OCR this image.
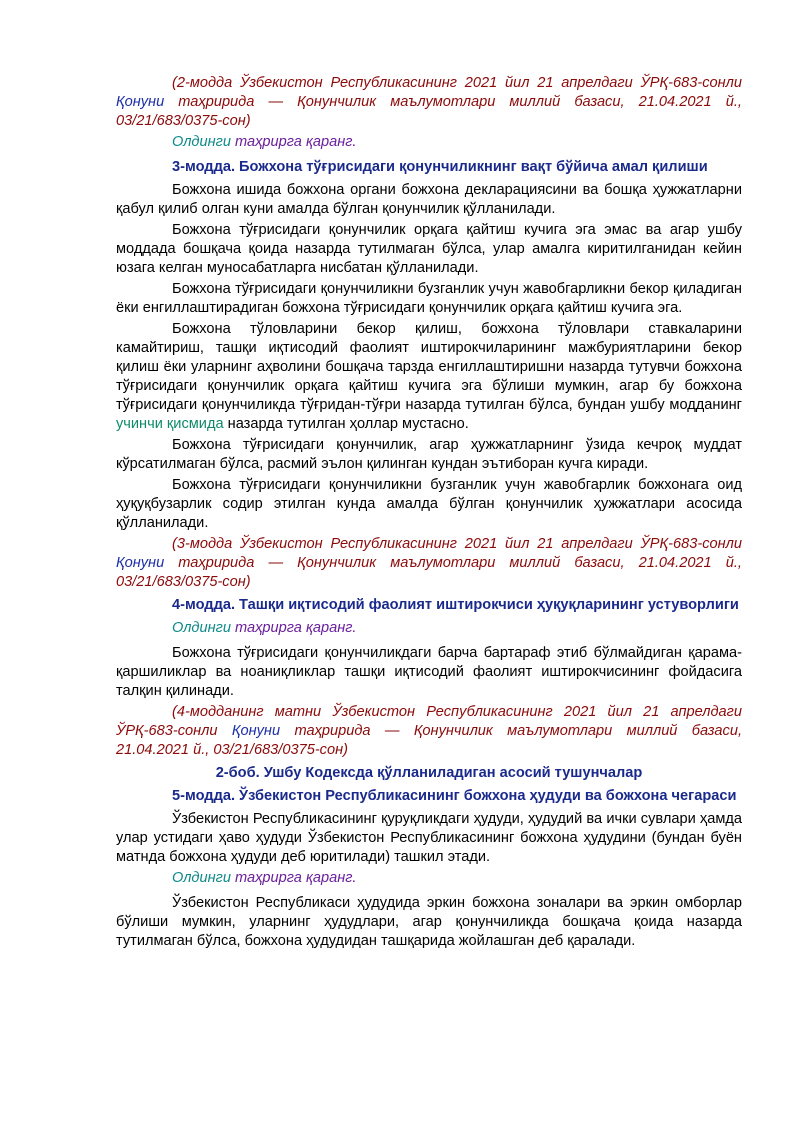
(2-модда Ўзбекистон Республикасининг 2021 йил 21 апрелдаги ЎРҚ-683-сонли Қонуни таҳририда — Қонунчилик маълумотлари миллий базаси, 21.04.2021 й., 03/21/683/0375-сон)

Олдинги таҳрирга қаранг.

3-модда. Божхона тўғрисидаги қонунчиликнинг вақт бўйича амал қилиши

Божхона ишида божхона органи божхона декларациясини ва бошқа ҳужжатларни қабул қилиб олган куни амалда бўлган қонунчилик қўлланилади.

Божхона тўғрисидаги қонунчилик орқага қайтиш кучига эга эмас ва агар ушбу моддада бошқача қоида назарда тутилмаган бўлса, улар амалга киритилганидан кейин юзага келган муносабатларга нисбатан қўлланилади.

Божхона тўғрисидаги қонунчиликни бузганлик учун жавобгарликни бекор қиладиган ёки енгиллаштирадиган божхона тўғрисидаги қонунчилик орқага қайтиш кучига эга.

Божхона тўловларини бекор қилиш, божхона тўловлари ставкаларини камайтириш, ташқи иқтисодий фаолият иштирокчиларининг мажбуриятларини бекор қилиш ёки уларнинг аҳволини бошқача тарзда енгиллаштиришни назарда тутувчи божхона тўғрисидаги қонунчилик орқага қайтиш кучига эга бўлиши мумкин, агар бу божхона тўғрисидаги қонунчиликда тўғридан-тўғри назарда тутилган бўлса, бундан ушбу модданинг учинчи қисмида назарда тутилган ҳоллар мустасно.

Божхона тўғрисидаги қонунчилик, агар ҳужжатларнинг ўзида кечроқ муддат кўрсатилмаган бўлса, расмий эълон қилинган кундан эътиборан кучга киради.

Божхона тўғрисидаги қонунчиликни бузганлик учун жавобгарлик божхонага оид ҳуқуқбузарлик содир этилган кунда амалда бўлган қонунчилик ҳужжатлари асосида қўлланилади.

(3-модда Ўзбекистон Республикасининг 2021 йил 21 апрелдаги ЎРҚ-683-сонли Қонуни таҳририда — Қонунчилик маълумотлари миллий базаси, 21.04.2021 й., 03/21/683/0375-сон)

4-модда. Ташқи иқтисодий фаолият иштирокчиси ҳуқуқларининг устуворлиги

Олдинги таҳрирга қаранг.

Божхона тўғрисидаги қонунчиликдаги барча бартараф этиб бўлмайдиган қарама-қаршиликлар ва ноаниқликлар ташқи иқтисодий фаолият иштирокчисининг фойдасига талқин қилинади.

(4-модданинг матни Ўзбекистон Республикасининг 2021 йил 21 апрелдаги ЎРҚ-683-сонли Қонуни таҳририда — Қонунчилик маълумотлари миллий базаси, 21.04.2021 й., 03/21/683/0375-сон)

2-боб. Ушбу Кодексда қўлланиладиган асосий тушунчалар

5-модда. Ўзбекистон Республикасининг божхона ҳудуди ва божхона чегараси

Ўзбекистон Республикасининг қуруқликдаги ҳудуди, ҳудудий ва ички сувлари ҳамда улар устидаги ҳаво ҳудуди Ўзбекистон Республикасининг божхона ҳудудини (бундан буён матнда божхона ҳудуди деб юритилади) ташкил этади.

Олдинги таҳрирга қаранг.

Ўзбекистон Республикаси ҳудудида эркин божхона зоналари ва эркин омборлар бўлиши мумкин, уларнинг ҳудудлари, агар қонунчиликда бошқача қоида назарда тутилмаган бўлса, божхона ҳудудидан ташқарида жойлашган деб қаралади.
